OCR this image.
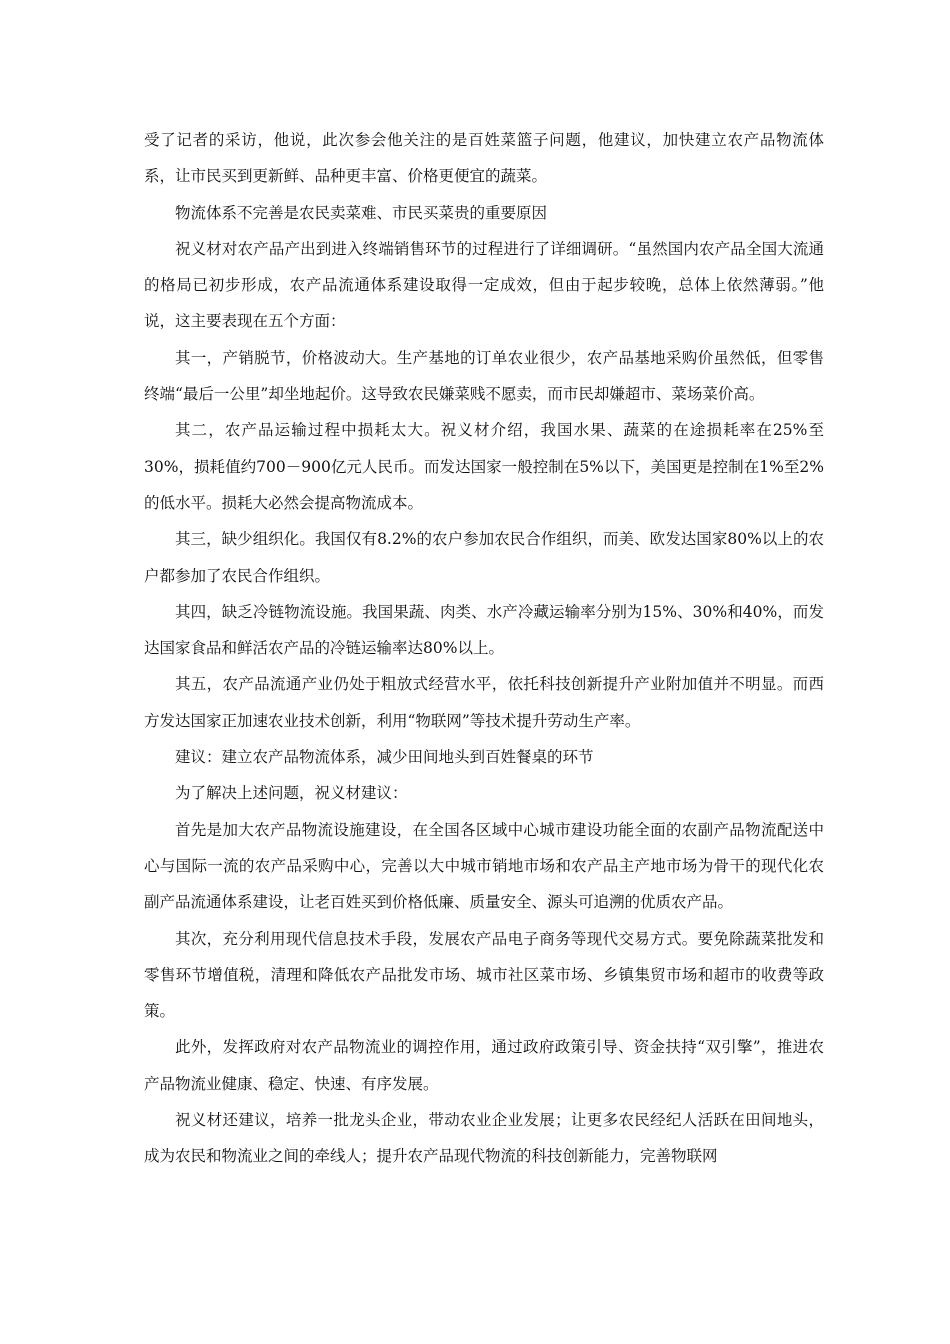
受了记者的采访，他说，此次参会他关注的是百姓菜篮子问题，他建议，加快建立农产品物流体系，让市民买到更新鲜、品种更丰富、价格更便宜的蔬菜。

物流体系不完善是农民卖菜难、市民买菜贵的重要原因

祝义材对农产品产出到进入终端销售环节的过程进行了详细调研。“虽然国内农产品全国大流通的格局已初步形成，农产品流通体系建设取得一定成效，但由于起步较晚，总体上依然薄弱。”他说，这主要表现在五个方面：

其一，产销脱节，价格波动大。生产基地的订单农业很少，农产品基地采购价虽然低，但零售终端“最后一公里”却坐地起价。这导致农民嫌菜贱不愿卖，而市民却嫌超市、菜场菜价高。

其二，农产品运输过程中损耗太大。祝义材介绍，我国水果、蔬菜的在途损耗率在25%至30%，损耗值约700－900亿元人民币。而发达国家一般控制在5%以下，美国更是控制在1%至2%的低水平。损耗大必然会提高物流成本。

其三，缺少组织化。我国仅有8.2%的农户参加农民合作组织，而美、欧发达国家80%以上的农户都参加了农民合作组织。

其四，缺乏冷链物流设施。我国果蔬、肉类、水产冷藏运输率分别为15%、30%和40%，而发达国家食品和鲜活农产品的冷链运输率达80%以上。

其五，农产品流通产业仍处于粗放式经营水平，依托科技创新提升产业附加值并不明显。而西方发达国家正加速农业技术创新，利用“物联网”等技术提升劳动生产率。

建议：建立农产品物流体系，减少田间地头到百姓餐桌的环节

为了解决上述问题，祝义材建议：

首先是加大农产品物流设施建设，在全国各区域中心城市建设功能全面的农副产品物流配送中心与国际一流的农产品采购中心，完善以大中城市销地市场和农产品主产地市场为骨干的现代化农副产品流通体系建设，让老百姓买到价格低廉、质量安全、源头可追溯的优质农产品。

其次，充分利用现代信息技术手段，发展农产品电子商务等现代交易方式。要免除蔬菜批发和零售环节增值税，清理和降低农产品批发市场、城市社区菜市场、乡镇集贸市场和超市的收费等政策。

此外，发挥政府对农产品物流业的调控作用，通过政府政策引导、资金扶持“双引擎”，推进农产品物流业健康、稳定、快速、有序发展。

祝义材还建议，培养一批龙头企业，带动农业企业发展；让更多农民经纪人活跃在田间地头，成为农民和物流业之间的牵线人；提升农产品现代物流的科技创新能力，完善物联网
